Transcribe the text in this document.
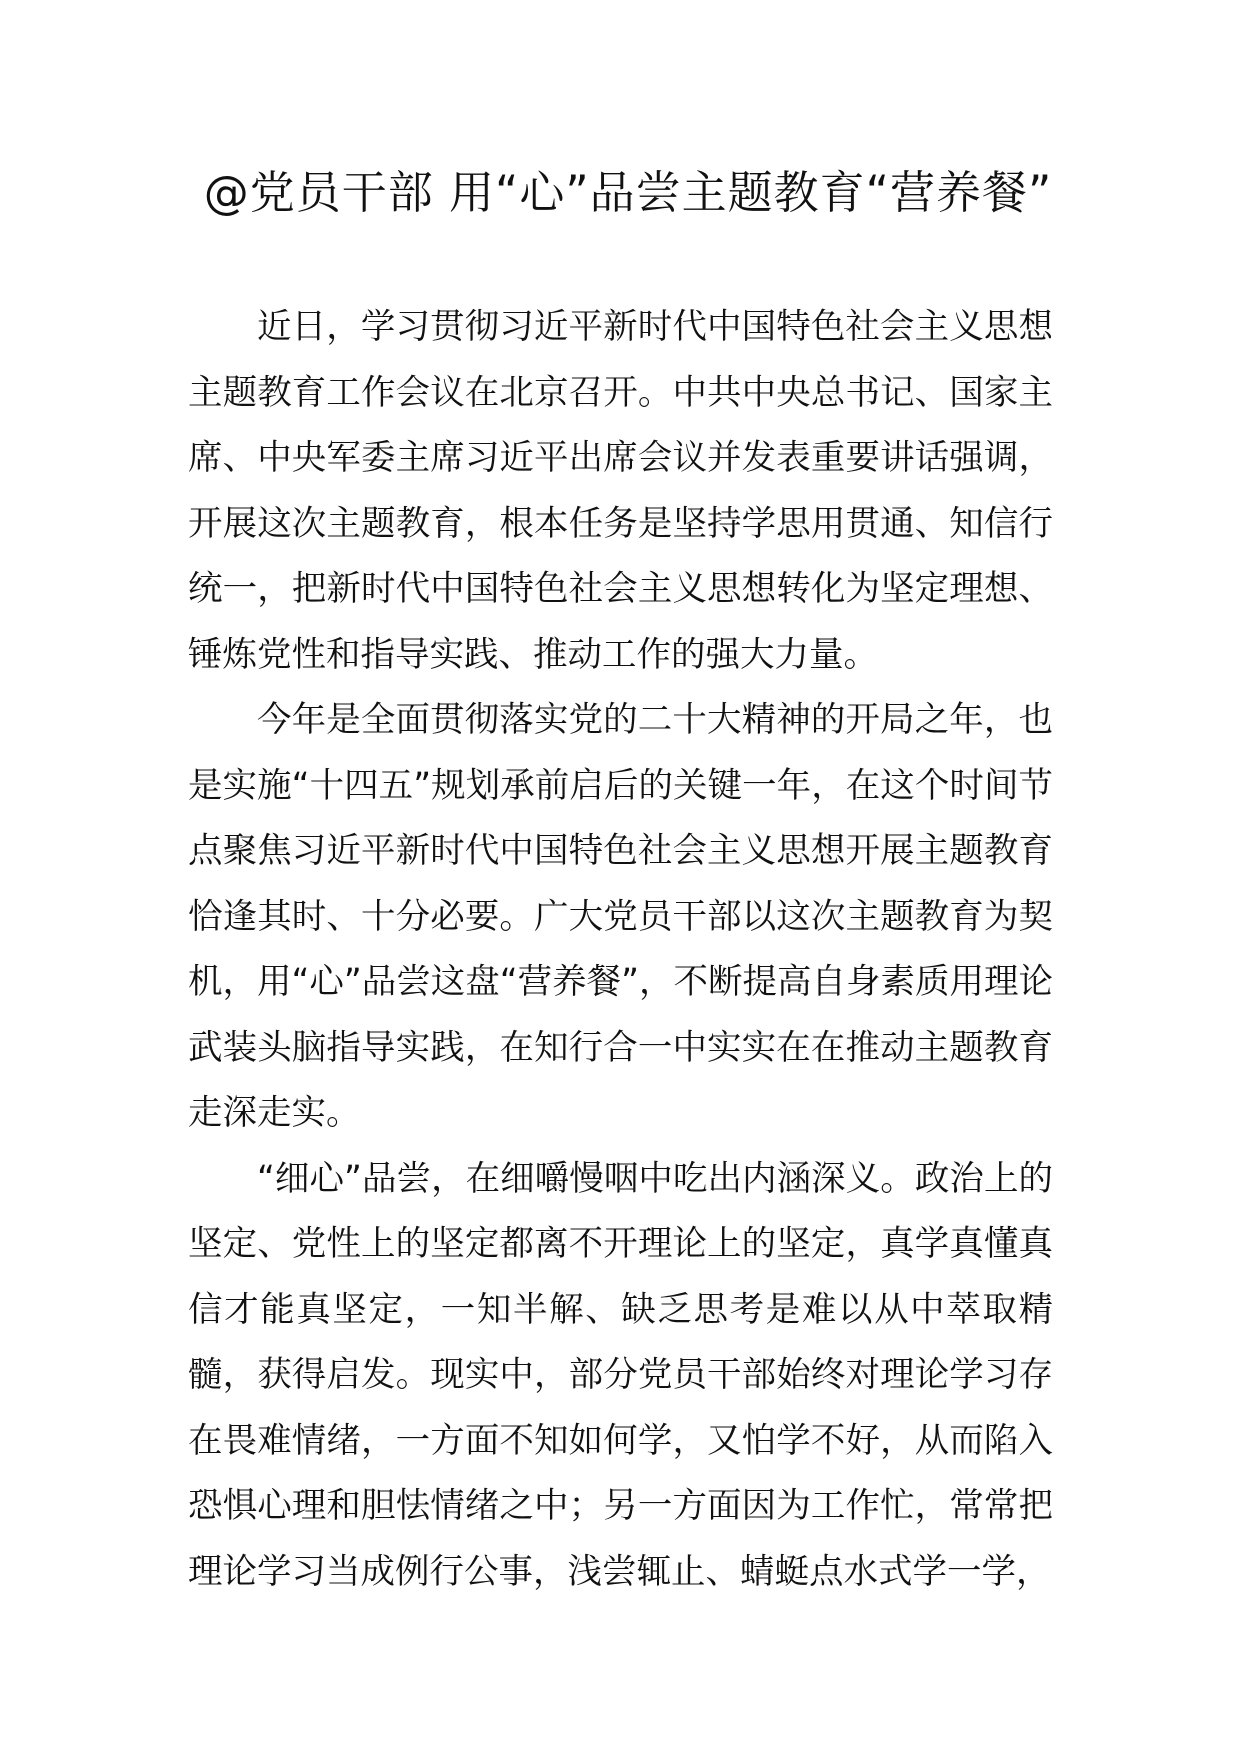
@党员干部 用“心”品尝主题教育“营养餐”

近日，学习贯彻习近平新时代中国特色社会主义思想主题教育工作会议在北京召开。中共中央总书记、国家主席、中央军委主席习近平出席会议并发表重要讲话强调，开展这次主题教育，根本任务是坚持学思用贯通、知信行统一，把新时代中国特色社会主义思想转化为坚定理想、锤炼党性和指导实践、推动工作的强大力量。

今年是全面贯彻落实党的二十大精神的开局之年，也是实施“十四五”规划承前启后的关键一年，在这个时间节点聚焦习近平新时代中国特色社会主义思想开展主题教育恰逢其时、十分必要。广大党员干部以这次主题教育为契机，用“心”品尝这盘“营养餐”，不断提高自身素质用理论武装头脑指导实践，在知行合一中实实在在推动主题教育走深走实。

“细心”品尝，在细嚼慢咽中吃出内涵深义。政治上的坚定、党性上的坚定都离不开理论上的坚定，真学真懂真信才能真坚定，一知半解、缺乏思考是难以从中萃取精髓，获得启发。现实中，部分党员干部始终对理论学习存在畏难情绪，一方面不知如何学，又怕学不好，从而陷入恐惧心理和胆怯情绪之中；另一方面因为工作忙，常常把理论学习当成例行公事，浅尝辄止、蜻蜓点水式学一学，
